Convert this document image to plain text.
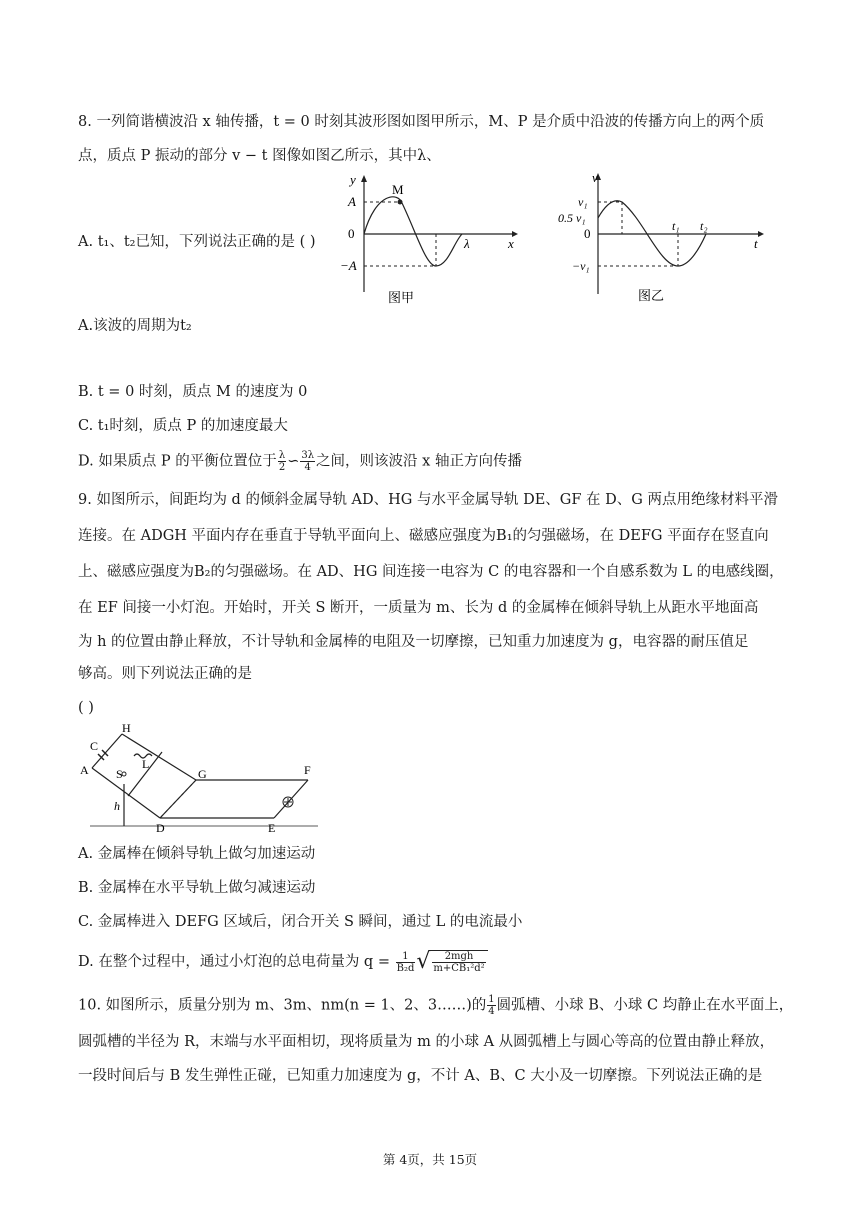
8. 一列简谐横波沿 x 轴传播，t = 0 时刻其波形图如图甲所示，M、P 是介质中沿波的传播方向上的两个质
点，质点 P 振动的部分 v − t 图像如图乙所示，其中λ、
A. t₁、t₂已知，下列说法正确的是 ( )
y
M
A
0
−A
λ	x
图甲
v
v₁
0.5 v₁
0
−v₁
t₁ t₂
t
图乙
A.该波的周期为t₂
B. t = 0 时刻，质点 M 的速度为 0
C. t₁时刻，质点 P 的加速度最大
D. 如果质点 P 的平衡位置位于 $\frac{\lambda}{2}$ ∽ $\frac{3\lambda}{4}$ 之间，则该波沿 x 轴正方向传播
9. 如图所示，间距均为 d 的倾斜金属导轨 AD、HG 与水平金属导轨 DE、GF 在 D、G 两点用绝缘材料平滑
连接。在 ADGH 平面内存在垂直于导轨平面向上、磁感应强度为B₁的匀强磁场，在 DEFG 平面存在竖直向
上、磁感应强度为B₂的匀强磁场。在 AD、HG 间连接一电容为 C 的电容器和一个自感系数为 L 的电感线圈，
在 EF 间接一小灯泡。开始时，开关 S 断开，一质量为 m、长为 d 的金属棒在倾斜导轨上从距水平地面高
为 h 的位置由静止释放，不计导轨和金属棒的电阻及一切摩擦，已知重力加速度为 g，电容器的耐压值足
够高。则下列说法正确的是
( )
H
C
L
A S	G	F
h
D	E
A. 金属棒在倾斜导轨上做匀加速运动
B. 金属棒在水平导轨上做匀减速运动
C. 金属棒进入 DEFG 区域后，闭合开关 S 瞬间，通过 L 的电流最小
D. 在整个过程中，通过小灯泡的总电荷量为 $q = \frac{1}{\text{B₂d}}$ √ $\frac{\text{2mgh}}{\text{m+CB₁²d²}}$
10. 如图所示，质量分别为 m、3m、nm(n = 1、2、3……)的 $\frac{1}{4}$ 圆弧槽、小球 B、小球 C 均静止在水平面上，
圆弧槽的半径为 R，末端与水平面相切，现将质量为 m 的小球 A 从圆弧槽上与圆心等高的位置由静止释放，
一段时间后与 B 发生弹性正碰，已知重力加速度为 g，不计 A、B、C 大小及一切摩擦。下列说法正确的是
第 4页，共 15页
